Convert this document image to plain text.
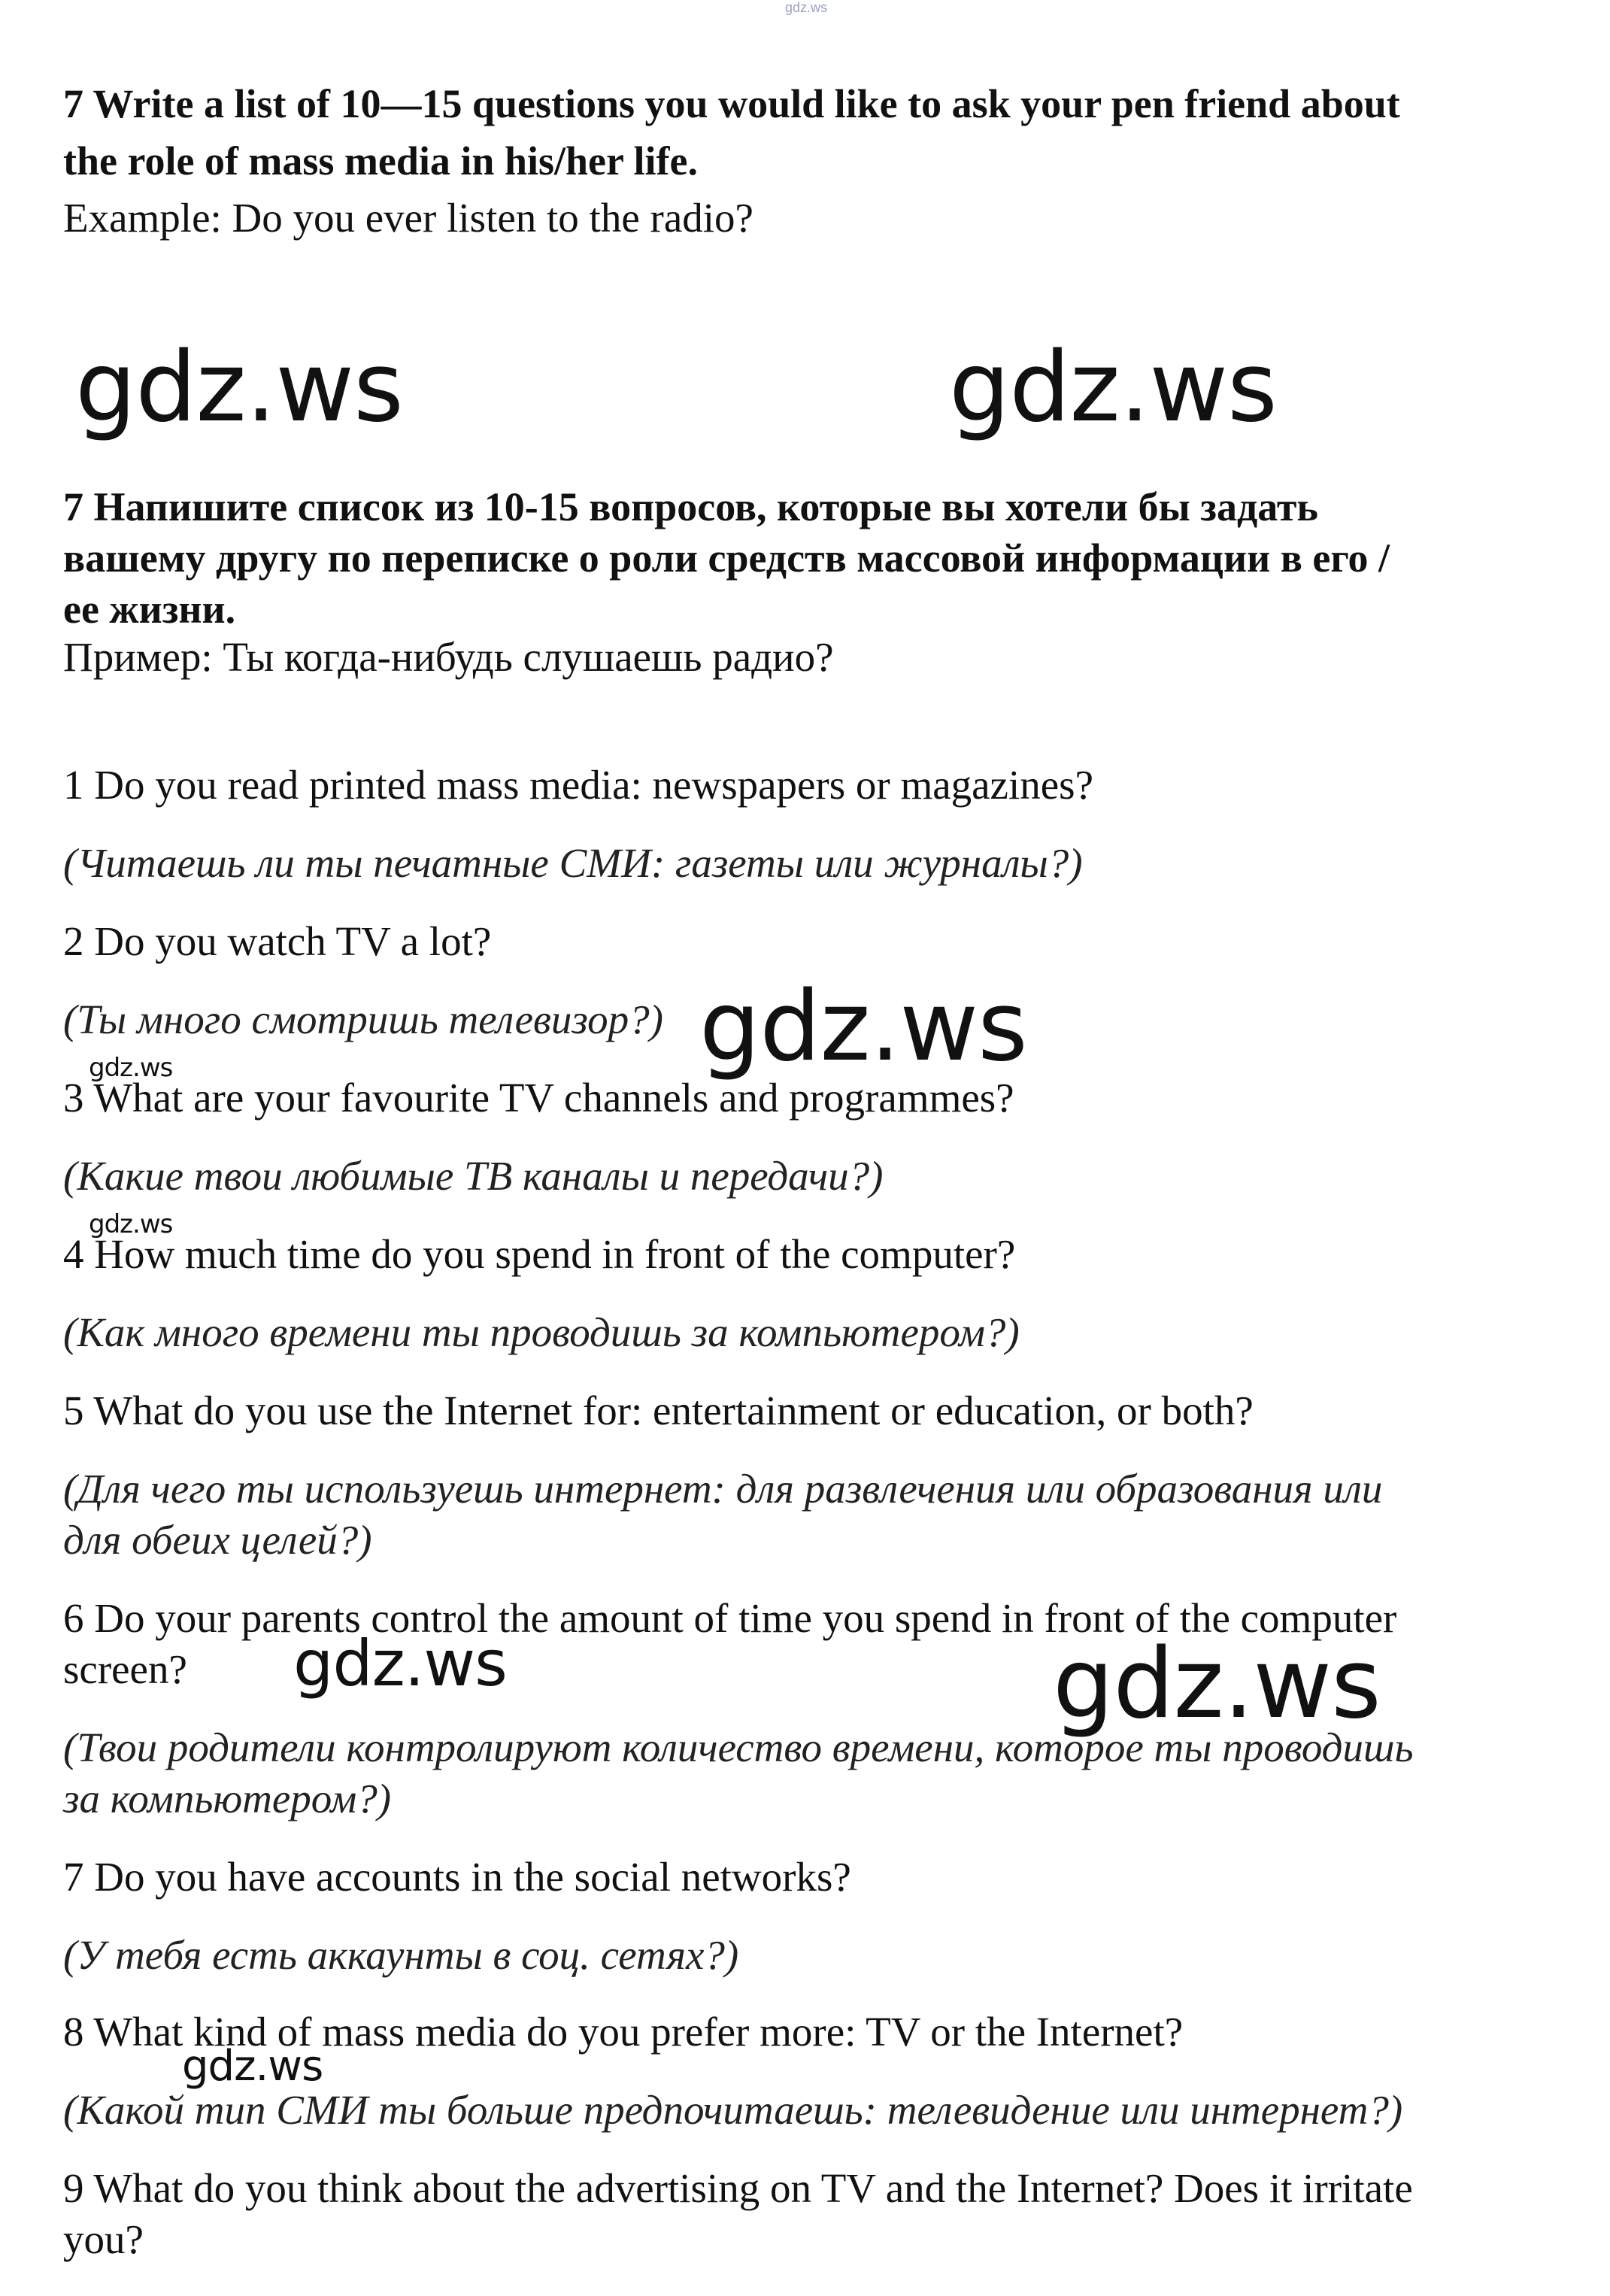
gdz.ws
7 Write a list of 10—15 questions you would like to ask your pen friend about
the role of mass media in his/her life.
Example: Do you ever listen to the radio?
gdz.ws	gdz.ws
7 Напишите список из 10-15 вопросов, которые вы хотели бы задать
вашему другу по переписке о роли средств массовой информации в его /
ее жизни.
Пример: Ты когда-нибудь слушаешь радио?
1 Do you read printed mass media: newspapers or magazines?
(Читаешь ли ты печатные СМИ: газеты или журналы?)
2 Do you watch TV a lot?
(Ты много смотришь телевизор?) gdz.ws
gdz.ws
3 What are your favourite TV channels and programmes?
(Какие твои любимые ТВ каналы и передачи?)
gdz.ws
4 How much time do you spend in front of the computer?
(Как много времени ты проводишь за компьютером?)
5 What do you use the Internet for: entertainment or education, or both?
(Для чего ты используешь интернет: для развлечения или образования или
для обеих целей?)
6 Do your parents control the amount of time you spend in front of the computer
screen? gdz.ws	gdz.ws
(Твои родители контролируют количество времени, которое ты проводишь
за компьютером?)
7 Do you have accounts in the social networks?
(У тебя есть аккаунты в соц. сетях?)
8 What kind of mass media do you prefer more: TV or the Internet?
gdz.ws
(Какой тип СМИ ты больше предпочитаешь: телевидение или интернет?)
9 What do you think about the advertising on TV and the Internet? Does it irritate
you?
